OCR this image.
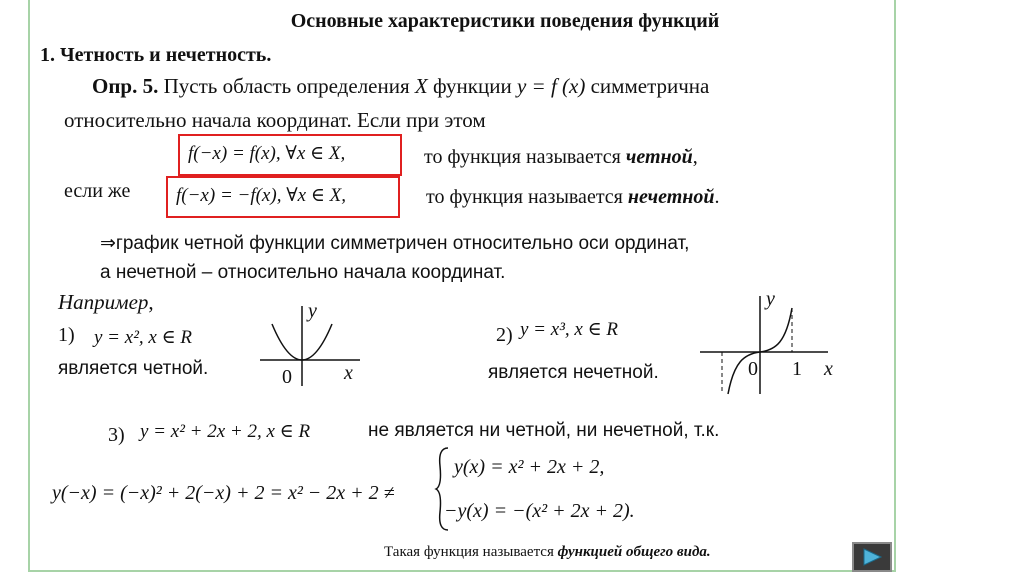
Основные характеристики поведения функций
1. Четность и нечетность.
Опр. 5. Пусть область определения X функции y = f (x) симметрична
относительно начала координат. Если при этом
f(−x) = f(x), ∀x ∈ X,	то функция называется четной,
если же f(−x) = −f(x), ∀x ∈ X,	то функция называется нечетной.
⇒график четной функции симметричен относительно оси ординат,
а нечетной – относительно начала координат.
Например,
1) y = x², x ∈ R
является четной.
y
x
0
2) y = x³, x ∈ R
является нечетной.
y
0 1 x
3) y = x² + 2x + 2, x ∈ R	не является ни четной, ни нечетной, т.к.
y(−x) = (−x)² + 2(−x) + 2 = x² − 2x + 2 ≠
y(x) = x² + 2x + 2,
−y(x) = −(x² + 2x + 2).
Такая функция называется функцией общего вида.
